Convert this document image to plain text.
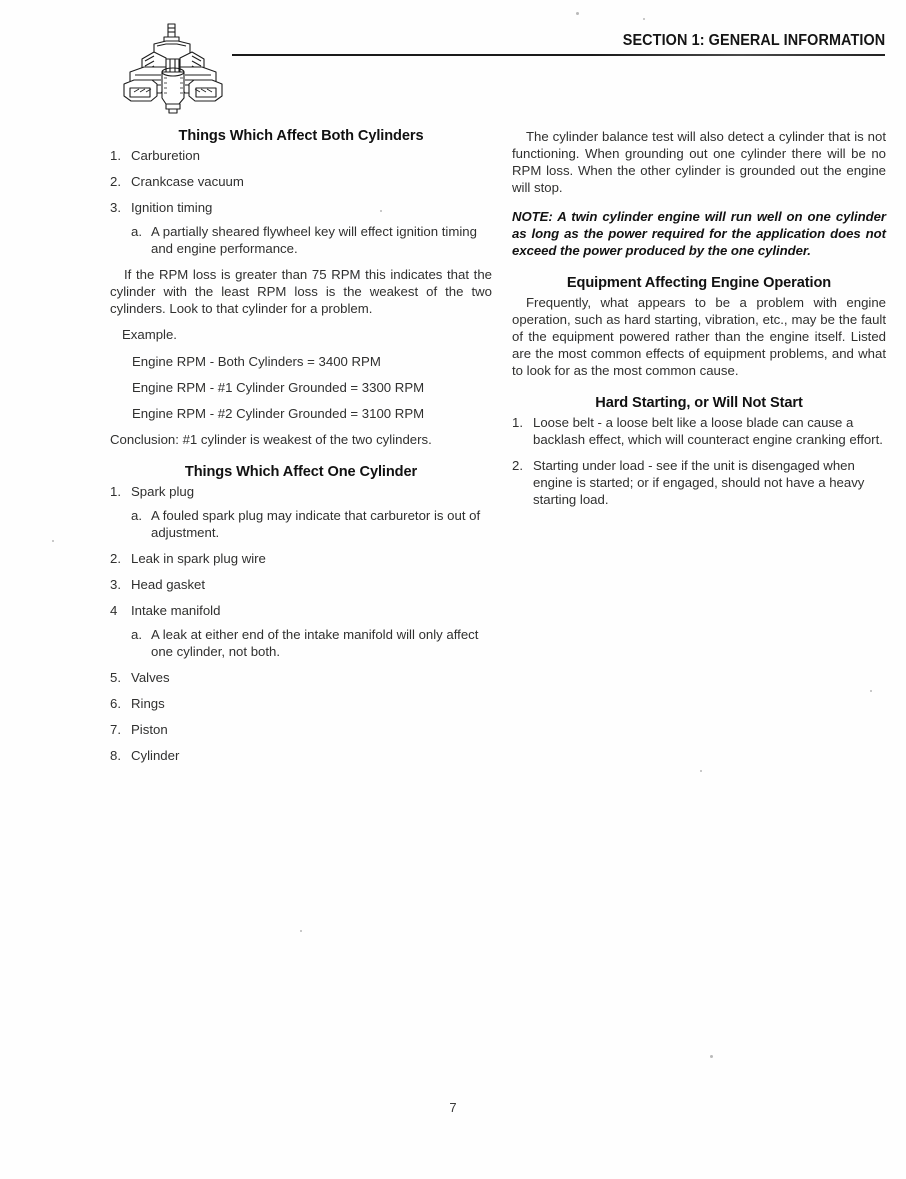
SECTION 1: GENERAL INFORMATION
Things Which Affect Both Cylinders
1. Carburetion
2. Crankcase vacuum
3. Ignition timing
a. A partially sheared flywheel key will effect ignition timing and engine performance.

If the RPM loss is greater than 75 RPM this indicates that the cylinder with the least RPM loss is the weakest of the two cylinders. Look to that cylinder for a problem.

Example.

Engine RPM - Both Cylinders = 3400 RPM

Engine RPM - #1 Cylinder Grounded = 3300 RPM

Engine RPM - #2 Cylinder Grounded = 3100 RPM

Conclusion: #1 cylinder is weakest of the two cylinders.

Things Which Affect One Cylinder
1. Spark plug
a. A fouled spark plug may indicate that carburetor is out of adjustment.
2. Leak in spark plug wire
3. Head gasket
4 Intake manifold
a. A leak at either end of the intake manifold will only affect one cylinder, not both.
5. Valves
6. Rings
7. Piston
8. Cylinder

The cylinder balance test will also detect a cylinder that is not functioning. When grounding out one cylinder there will be no RPM loss. When the other cylinder is grounded out the engine will stop.

NOTE: A twin cylinder engine will run well on one cylinder as long as the power required for the application does not exceed the power produced by the one cylinder.

Equipment Affecting Engine Operation

Frequently, what appears to be a problem with engine operation, such as hard starting, vibration, etc., may be the fault of the equipment powered rather than the engine itself. Listed are the most common effects of equipment problems, and what to look for as the most common cause.

Hard Starting, or Will Not Start
1. Loose belt - a loose belt like a loose blade can cause a backlash effect, which will counteract engine cranking effort.
2. Starting under load - see if the unit is disengaged when engine is started; or if engaged, should not have a heavy starting load.
7
